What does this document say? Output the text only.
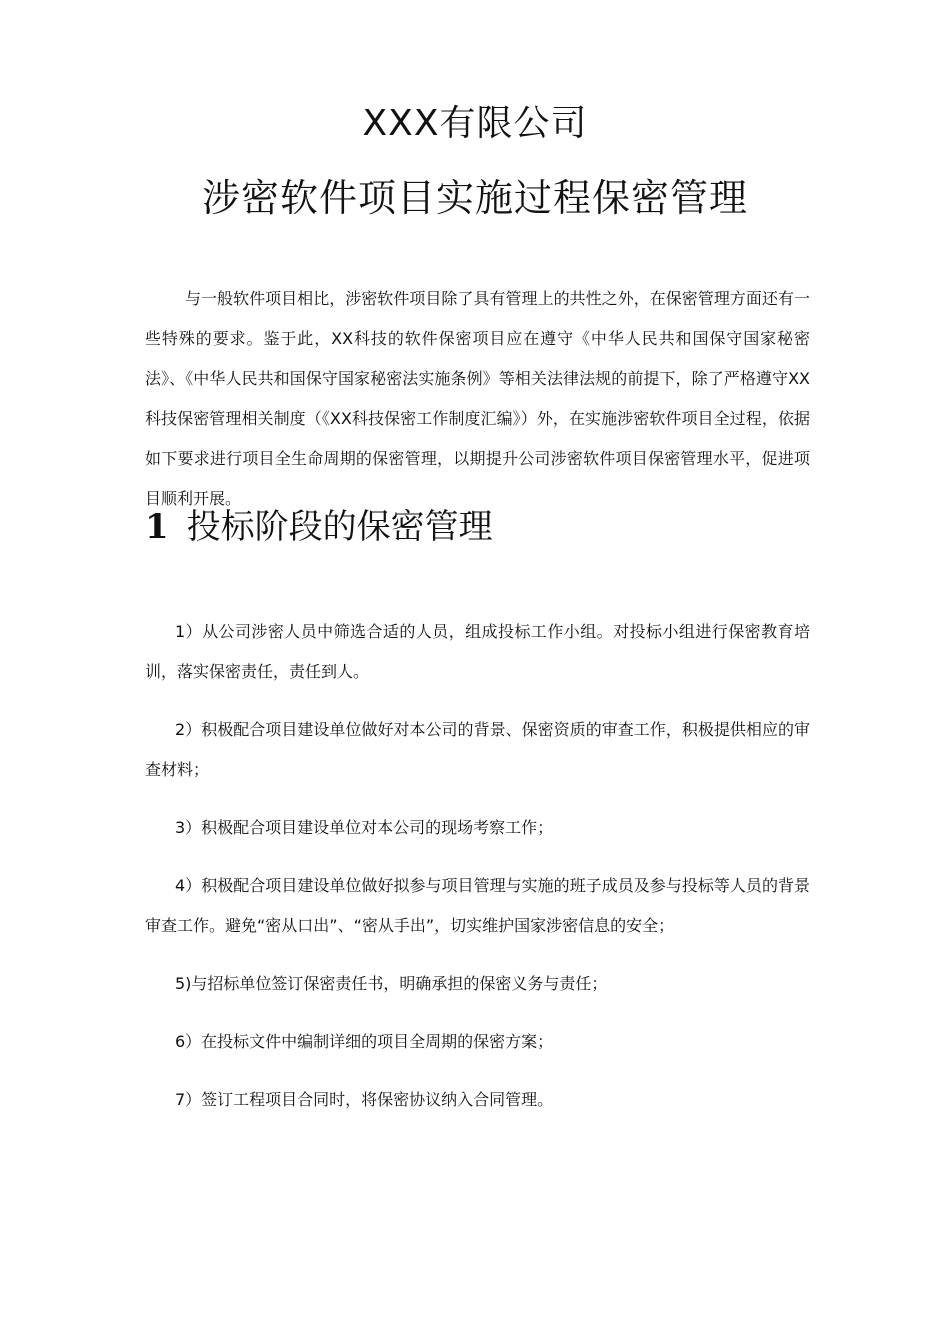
XXX有限公司
涉密软件项目实施过程保密管理

与一般软件项目相比，涉密软件项目除了具有管理上的共性之外，在保密管理方面还有一些特殊的要求。鉴于此，XX科技的软件保密项目应在遵守《中华人民共和国保守国家秘密法》、《中华人民共和国保守国家秘密法实施条例》等相关法律法规的前提下，除了严格遵守XX科技保密管理相关制度（《XX科技保密工作制度汇编》）外，在实施涉密软件项目全过程，依据如下要求进行项目全生命周期的保密管理，以期提升公司涉密软件项目保密管理水平，促进项目顺利开展。

1 投标阶段的保密管理

1）从公司涉密人员中筛选合适的人员，组成投标工作小组。对投标小组进行保密教育培训，落实保密责任，责任到人。

2）积极配合项目建设单位做好对本公司的背景、保密资质的审查工作，积极提供相应的审查材料；

3）积极配合项目建设单位对本公司的现场考察工作；

4）积极配合项目建设单位做好拟参与项目管理与实施的班子成员及参与投标等人员的背景审查工作。避免“密从口出”、“密从手出”，切实维护国家涉密信息的安全；

5)与招标单位签订保密责任书，明确承担的保密义务与责任；

6）在投标文件中编制详细的项目全周期的保密方案；

7）签订工程项目合同时，将保密协议纳入合同管理。
